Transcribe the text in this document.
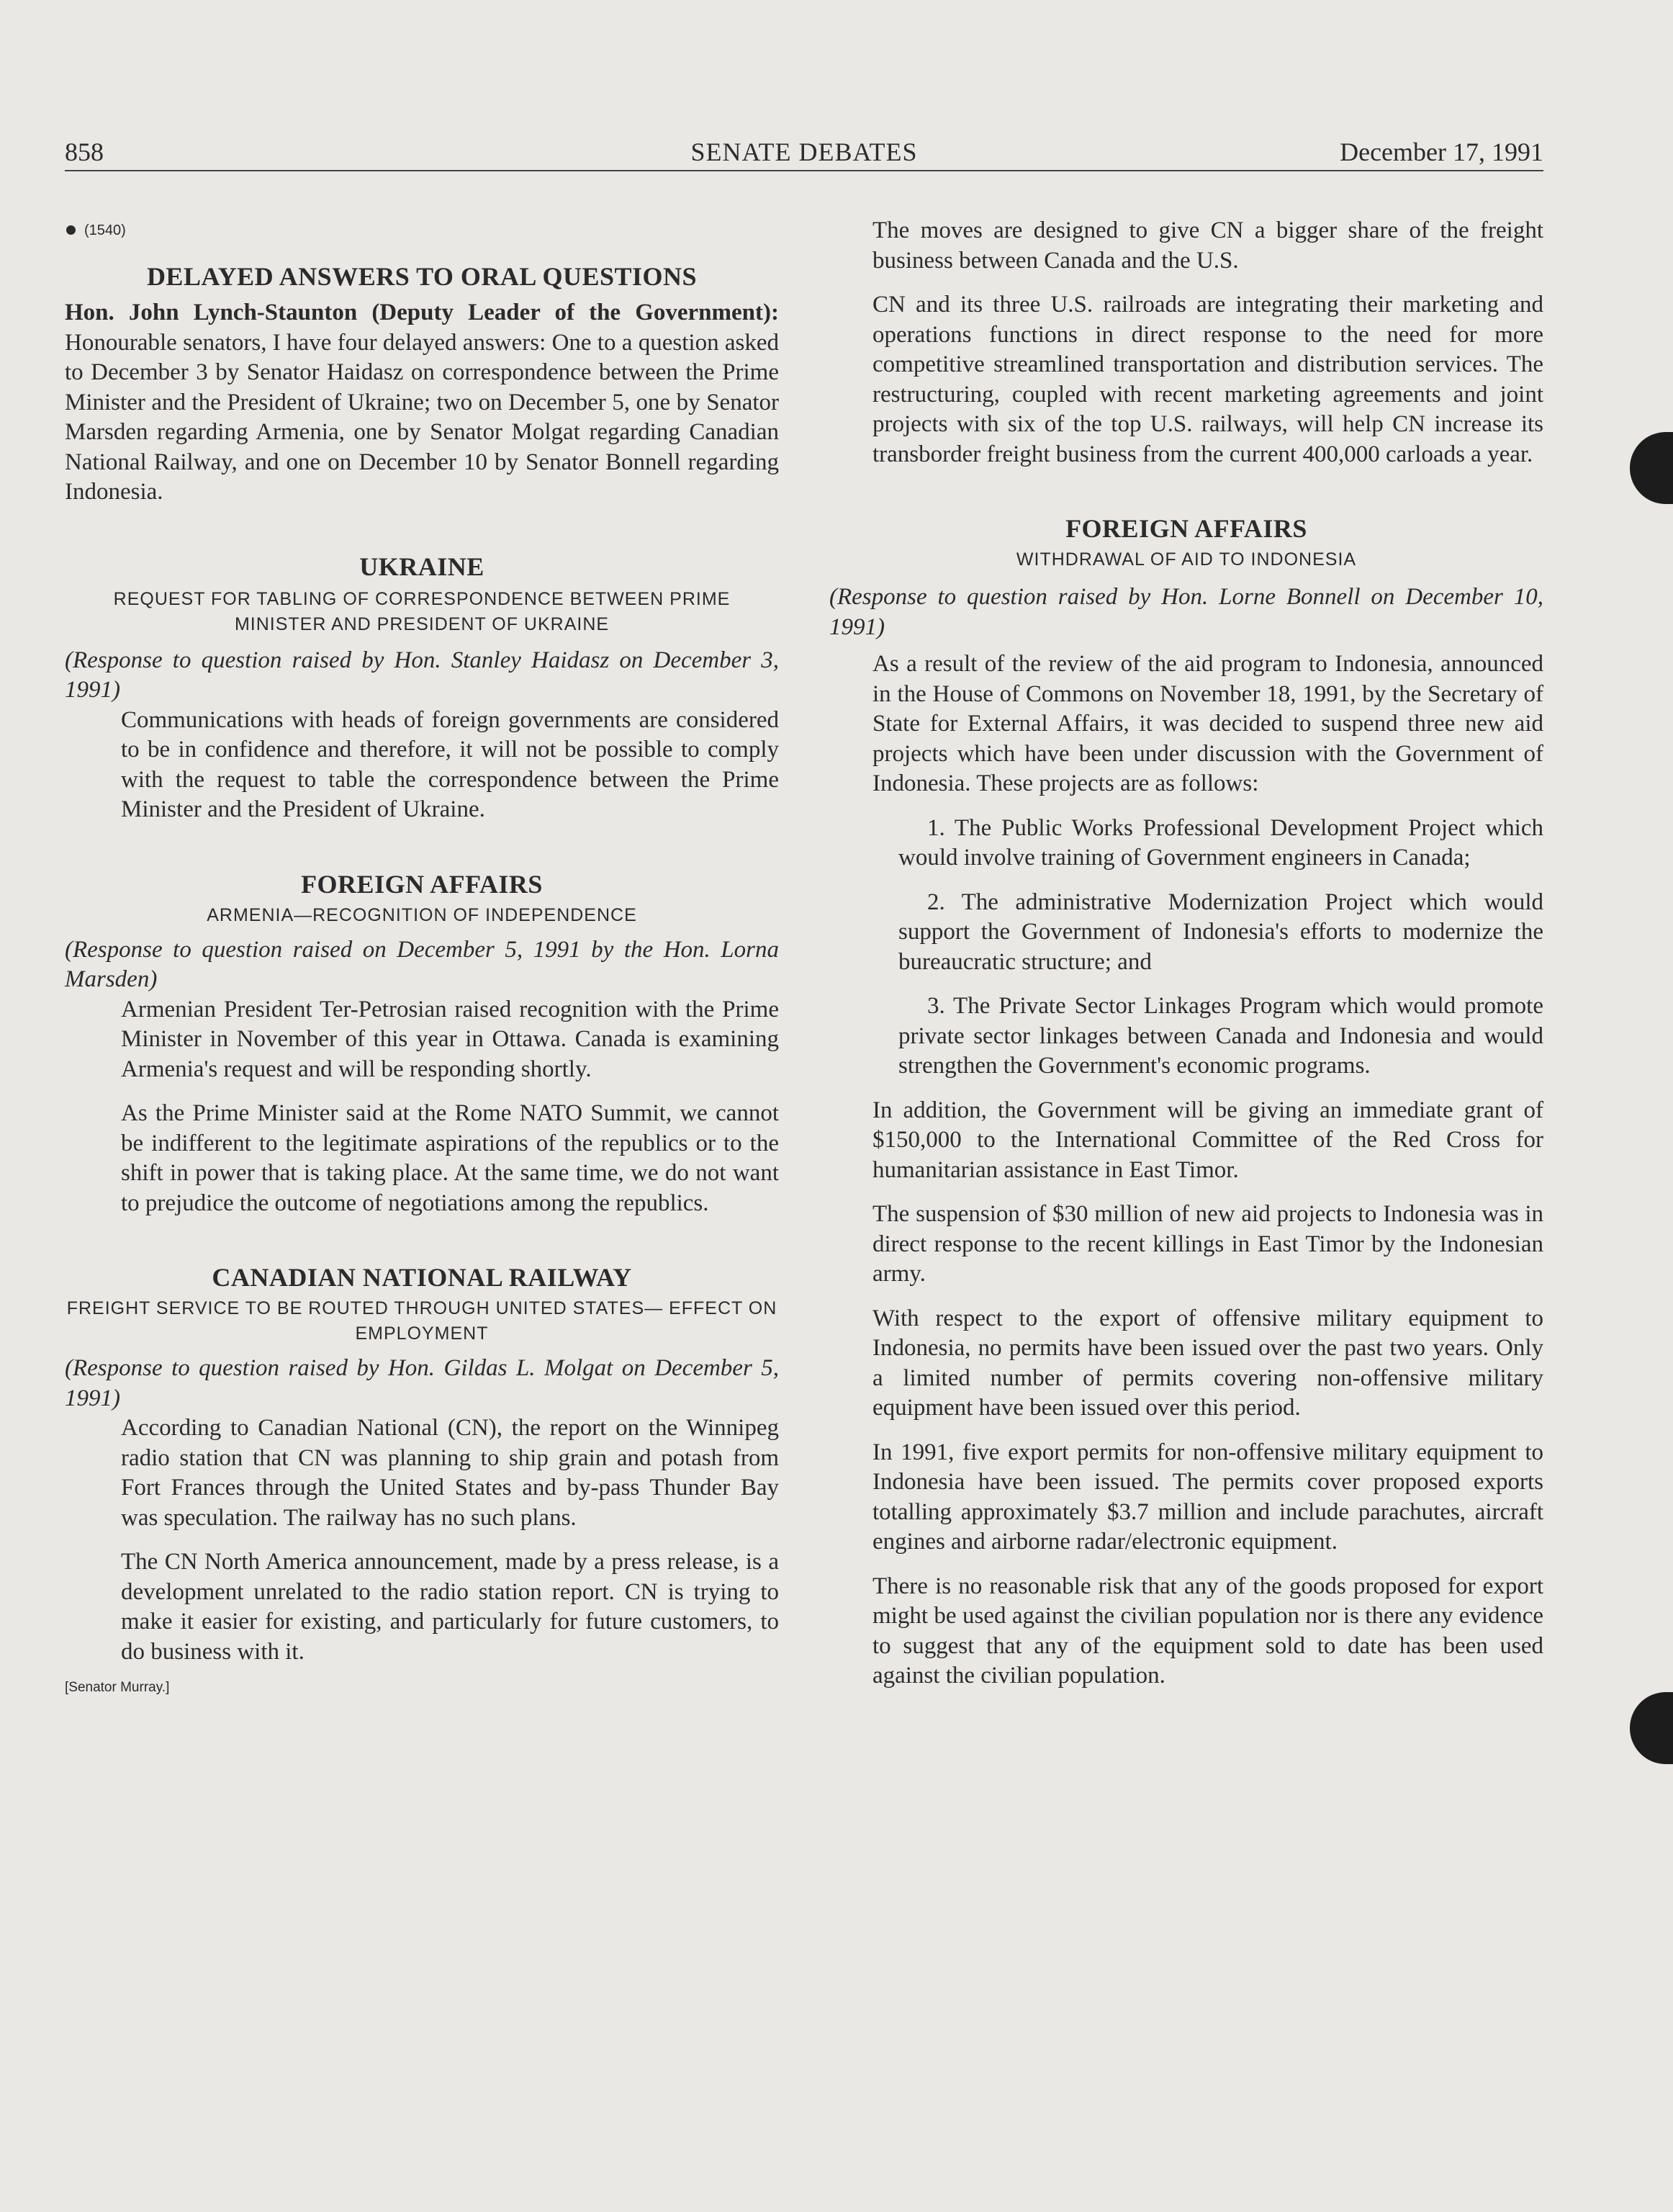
858	SENATE DEBATES	December 17, 1991
(1540)
DELAYED ANSWERS TO ORAL QUESTIONS

Hon. John Lynch-Staunton (Deputy Leader of the Government): Honourable senators, I have four delayed answers: One to a question asked to December 3 by Senator Haidasz on correspondence between the Prime Minister and the President of Ukraine; two on December 5, one by Senator Marsden regarding Armenia, one by Senator Molgat regarding Canadian National Railway, and one on December 10 by Senator Bonnell regarding Indonesia.

UKRAINE
REQUEST FOR TABLING OF CORRESPONDENCE BETWEEN PRIME MINISTER AND PRESIDENT OF UKRAINE

(Response to question raised by Hon. Stanley Haidasz on December 3, 1991)

Communications with heads of foreign governments are considered to be in confidence and therefore, it will not be possible to comply with the request to table the correspondence between the Prime Minister and the President of Ukraine.

FOREIGN AFFAIRS
ARMENIA—RECOGNITION OF INDEPENDENCE

(Response to question raised on December 5, 1991 by the Hon. Lorna Marsden)

Armenian President Ter-Petrosian raised recognition with the Prime Minister in November of this year in Ottawa. Canada is examining Armenia's request and will be responding shortly.

As the Prime Minister said at the Rome NATO Summit, we cannot be indifferent to the legitimate aspirations of the republics or to the shift in power that is taking place. At the same time, we do not want to prejudice the outcome of negotiations among the republics.

CANADIAN NATIONAL RAILWAY
FREIGHT SERVICE TO BE ROUTED THROUGH UNITED STATES— EFFECT ON EMPLOYMENT

(Response to question raised by Hon. Gildas L. Molgat on December 5, 1991)

According to Canadian National (CN), the report on the Winnipeg radio station that CN was planning to ship grain and potash from Fort Frances through the United States and by-pass Thunder Bay was speculation. The railway has no such plans.

The CN North America announcement, made by a press release, is a development unrelated to the radio station report. CN is trying to make it easier for existing, and particularly for future customers, to do business with it.

[Senator Murray.]

The moves are designed to give CN a bigger share of the freight business between Canada and the U.S.

CN and its three U.S. railroads are integrating their marketing and operations functions in direct response to the need for more competitive streamlined transportation and distribution services. The restructuring, coupled with recent marketing agreements and joint projects with six of the top U.S. railways, will help CN increase its transborder freight business from the current 400,000 carloads a year.

FOREIGN AFFAIRS
WITHDRAWAL OF AID TO INDONESIA

(Response to question raised by Hon. Lorne Bonnell on December 10, 1991)

As a result of the review of the aid program to Indonesia, announced in the House of Commons on November 18, 1991, by the Secretary of State for External Affairs, it was decided to suspend three new aid projects which have been under discussion with the Government of Indonesia. These projects are as follows:

1. The Public Works Professional Development Project which would involve training of Government engineers in Canada;

2. The administrative Modernization Project which would support the Government of Indonesia's efforts to modernize the bureaucratic structure; and

3. The Private Sector Linkages Program which would promote private sector linkages between Canada and Indonesia and would strengthen the Government's economic programs.

In addition, the Government will be giving an immediate grant of $150,000 to the International Committee of the Red Cross for humanitarian assistance in East Timor.

The suspension of $30 million of new aid projects to Indonesia was in direct response to the recent killings in East Timor by the Indonesian army.

With respect to the export of offensive military equipment to Indonesia, no permits have been issued over the past two years. Only a limited number of permits covering non-offensive military equipment have been issued over this period.

In 1991, five export permits for non-offensive military equipment to Indonesia have been issued. The permits cover proposed exports totalling approximately $3.7 million and include parachutes, aircraft engines and airborne radar/electronic equipment.

There is no reasonable risk that any of the goods proposed for export might be used against the civilian population nor is there any evidence to suggest that any of the equipment sold to date has been used against the civilian population.
